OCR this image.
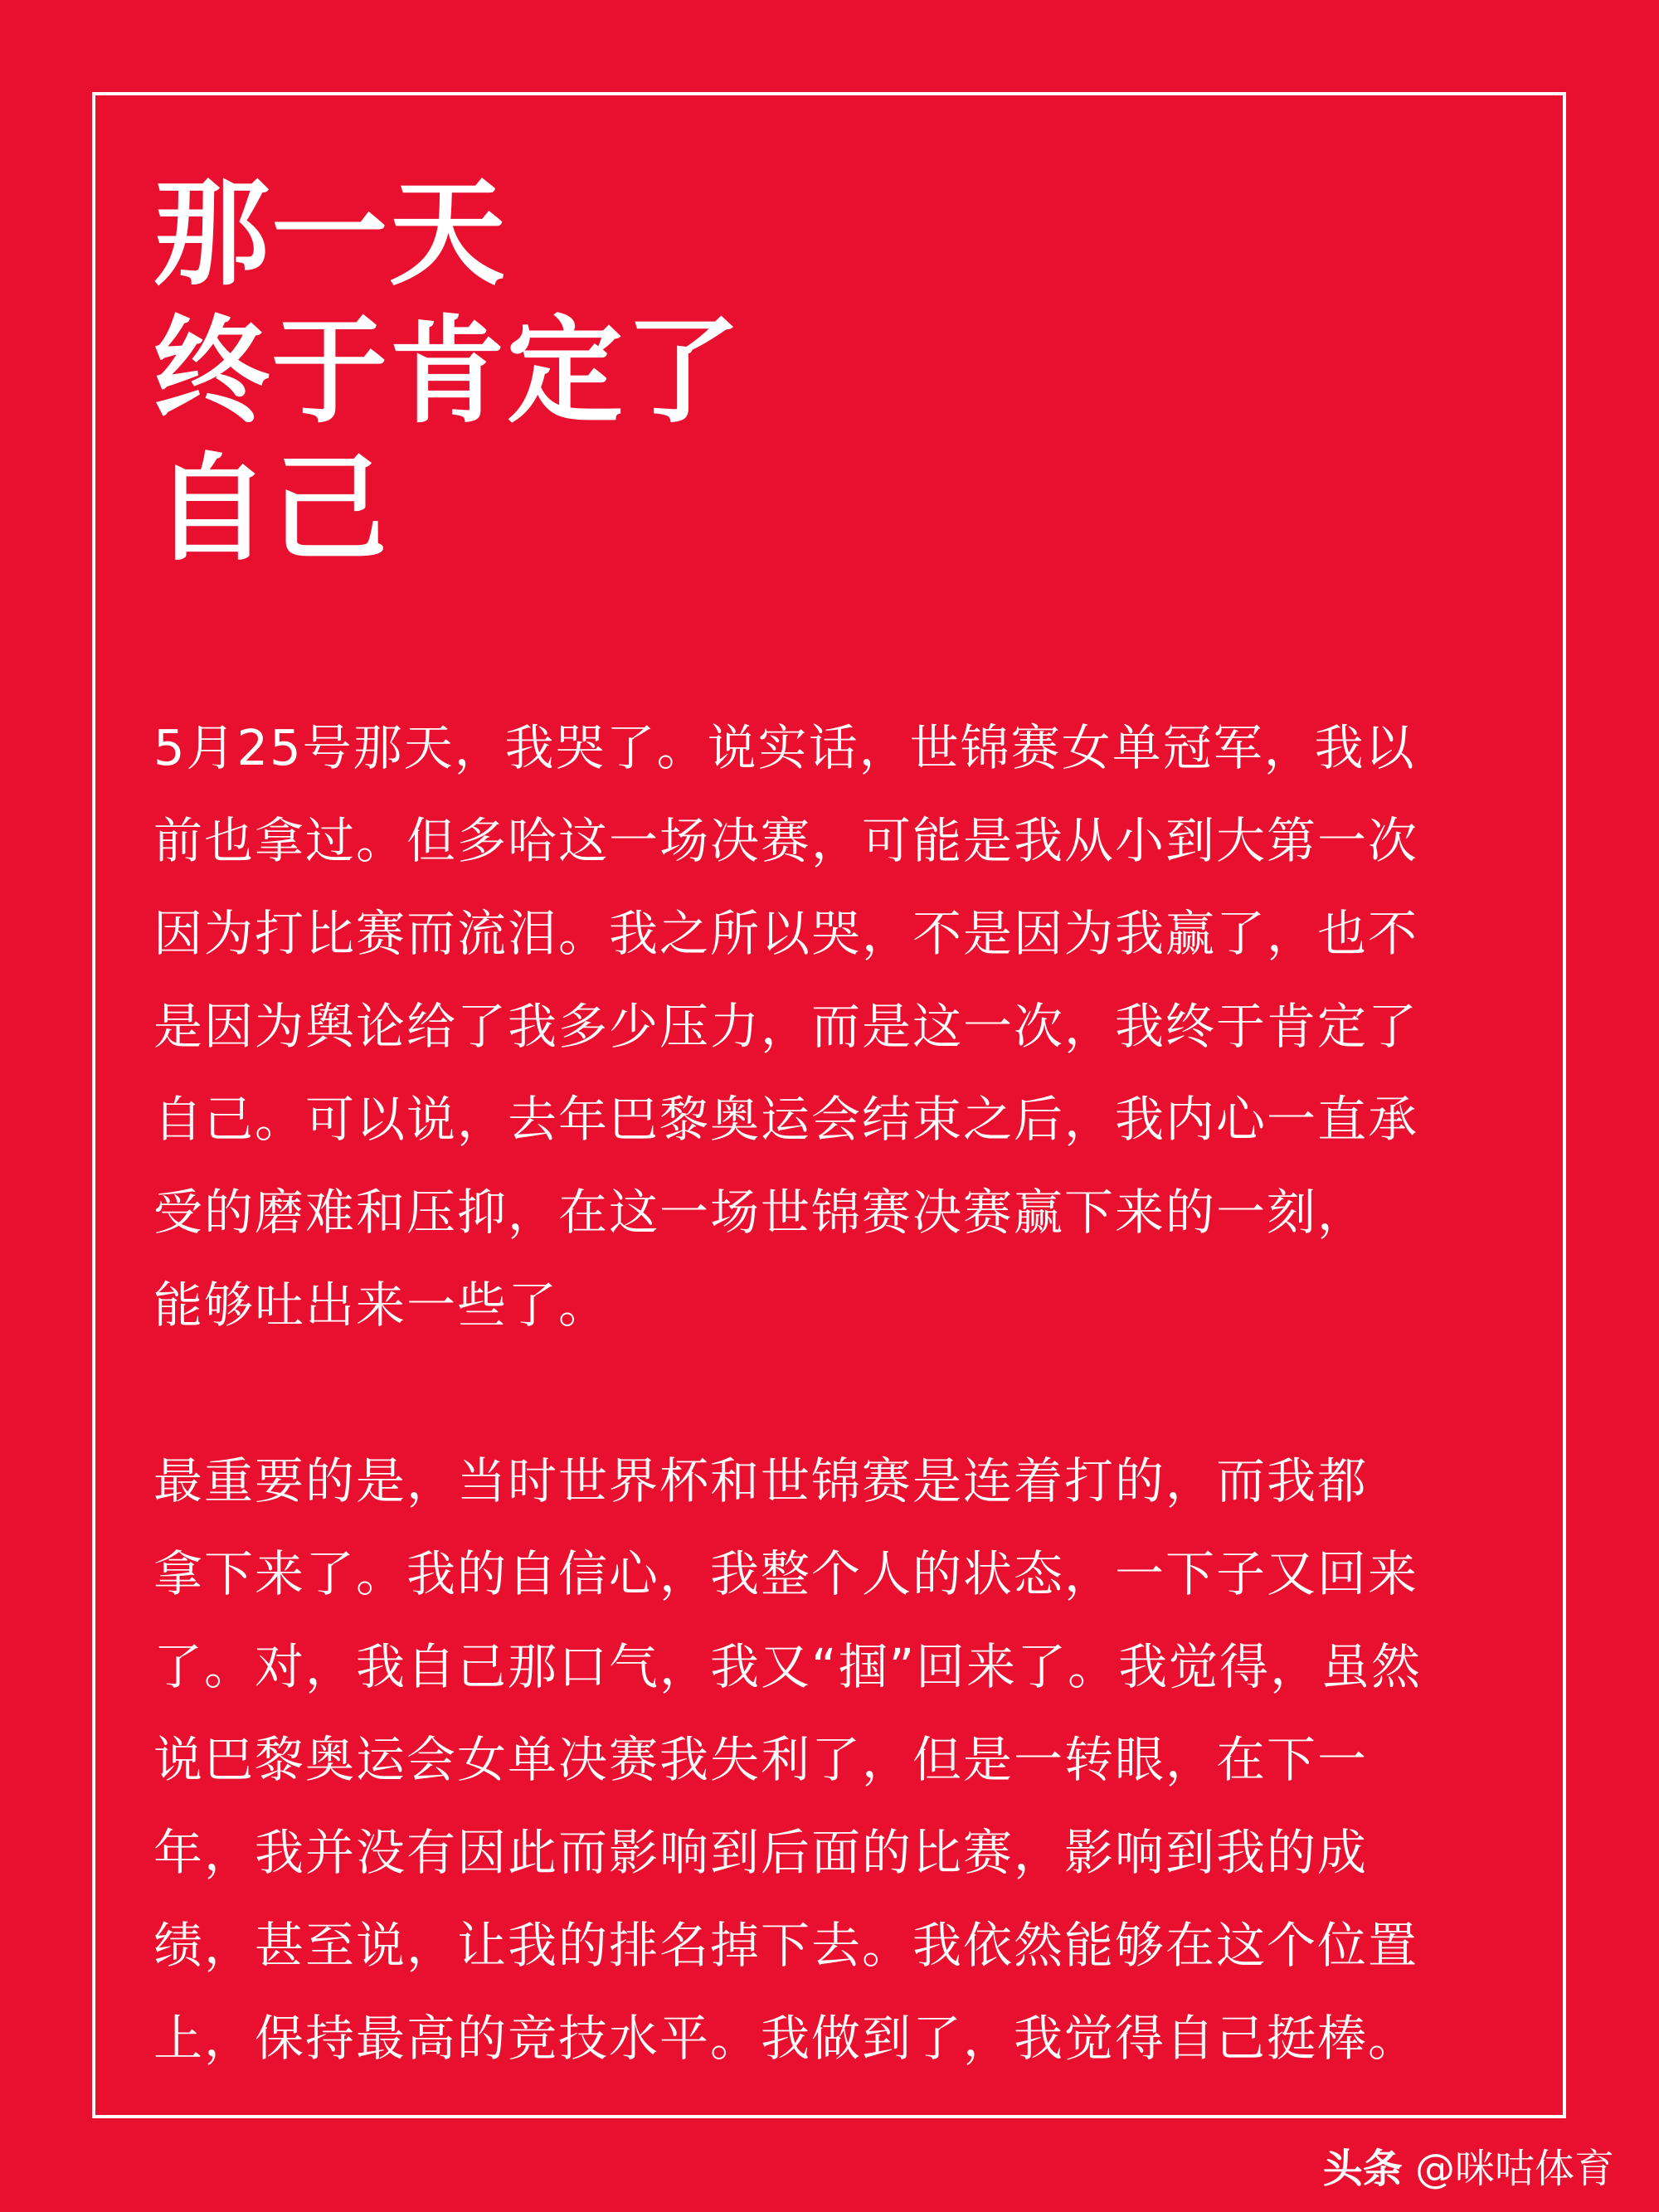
那一天
终于肯定了
自己

5月25号那天，我哭了。说实话，世锦赛女单冠军，我以
前也拿过。但多哈这一场决赛，可能是我从小到大第一次
因为打比赛而流泪。我之所以哭，不是因为我赢了，也不
是因为舆论给了我多少压力，而是这一次，我终于肯定了
自己。可以说，去年巴黎奥运会结束之后，我内心一直承
受的磨难和压抑，在这一场世锦赛决赛赢下来的一刻，
能够吐出来一些了。

最重要的是，当时世界杯和世锦赛是连着打的，而我都
拿下来了。我的自信心，我整个人的状态，一下子又回来
了。对，我自己那口气，我又“掴”回来了。我觉得，虽然
说巴黎奥运会女单决赛我失利了，但是一转眼，在下一
年，我并没有因此而影响到后面的比赛，影响到我的成
绩，甚至说，让我的排名掉下去。我依然能够在这个位置
上，保持最高的竞技水平。我做到了，我觉得自己挺棒。

头条 @咪咕体育
